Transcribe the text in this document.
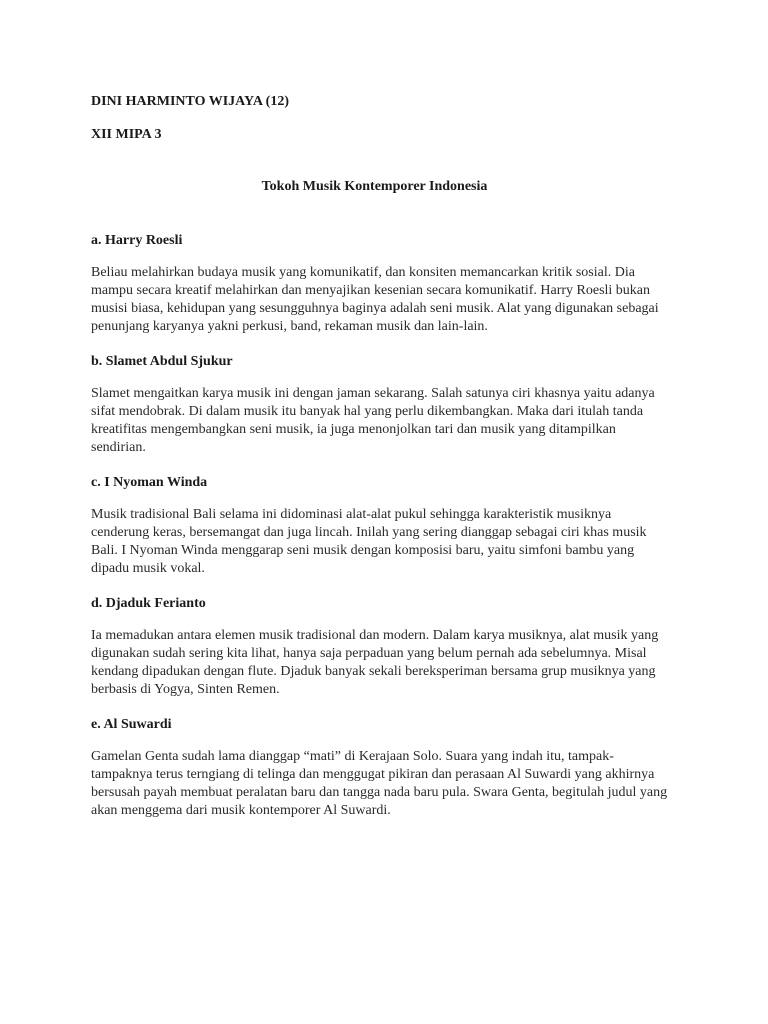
DINI HARMINTO WIJAYA (12)

XII MIPA 3

Tokoh Musik Kontemporer Indonesia

a. Harry Roesli

Beliau melahirkan budaya musik yang komunikatif, dan konsiten memancarkan kritik sosial. Dia mampu secara kreatif melahirkan dan menyajikan kesenian secara komunikatif. Harry Roesli bukan musisi biasa, kehidupan yang sesungguhnya baginya adalah seni musik. Alat yang digunakan sebagai penunjang karyanya yakni perkusi, band, rekaman musik dan lain-lain.

b. Slamet Abdul Sjukur

Slamet mengaitkan karya musik ini dengan jaman sekarang. Salah satunya ciri khasnya yaitu adanya sifat mendobrak. Di dalam musik itu banyak hal yang perlu dikembangkan. Maka dari itulah tanda kreatifitas mengembangkan seni musik, ia juga menonjolkan tari dan musik yang ditampilkan sendirian.

c. I Nyoman Winda

Musik tradisional Bali selama ini didominasi alat-alat pukul sehingga karakteristik musiknya cenderung keras, bersemangat dan juga lincah. Inilah yang sering dianggap sebagai ciri khas musik Bali. I Nyoman Winda menggarap seni musik dengan komposisi baru, yaitu simfoni bambu yang dipadu musik vokal.

d. Djaduk Ferianto

Ia memadukan antara elemen musik tradisional dan modern. Dalam karya musiknya, alat musik yang digunakan sudah sering kita lihat, hanya saja perpaduan yang belum pernah ada sebelumnya. Misal kendang dipadukan dengan flute. Djaduk banyak sekali bereksperiman bersama grup musiknya yang berbasis di Yogya, Sinten Remen.

e. Al Suwardi

Gamelan Genta sudah lama dianggap “mati” di Kerajaan Solo. Suara yang indah itu, tampak-tampaknya terus terngiang di telinga dan menggugat pikiran dan perasaan Al Suwardi yang akhirnya bersusah payah membuat peralatan baru dan tangga nada baru pula. Swara Genta, begitulah judul yang akan menggema dari musik kontemporer Al Suwardi.
